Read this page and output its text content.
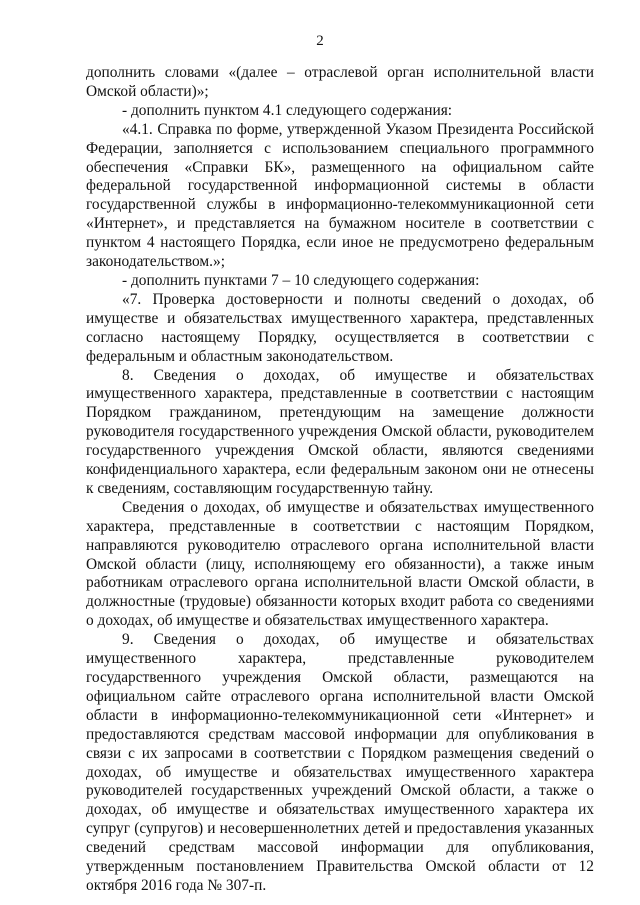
2

дополнить словами «(далее – отраслевой орган исполнительной власти Омской области)»;

- дополнить пунктом 4.1 следующего содержания:

«4.1. Справка по форме, утвержденной Указом Президента Российской Федерации, заполняется с использованием специального программного обеспечения «Справки БК», размещенного на официальном сайте федеральной государственной информационной системы в области государственной службы в информационно-телекоммуникационной сети «Интернет», и представляется на бумажном носителе в соответствии с пунктом 4 настоящего Порядка, если иное не предусмотрено федеральным законодательством.»;

- дополнить пунктами 7 – 10 следующего содержания:

«7. Проверка достоверности и полноты сведений о доходах, об имуществе и обязательствах имущественного характера, представленных согласно настоящему Порядку, осуществляется в соответствии с федеральным и областным законодательством.

8. Сведения о доходах, об имуществе и обязательствах имущественного характера, представленные в соответствии с настоящим Порядком гражданином, претендующим на замещение должности руководителя государственного учреждения Омской области, руководителем государственного учреждения Омской области, являются сведениями конфиденциального характера, если федеральным законом они не отнесены к сведениям, составляющим государственную тайну.

Сведения о доходах, об имуществе и обязательствах имущественного характера, представленные в соответствии с настоящим Порядком, направляются руководителю отраслевого органа исполнительной власти Омской области (лицу, исполняющему его обязанности), а также иным работникам отраслевого органа исполнительной власти Омской области, в должностные (трудовые) обязанности которых входит работа со сведениями о доходах, об имуществе и обязательствах имущественного характера.

9. Сведения о доходах, об имуществе и обязательствах имущественного характера, представленные руководителем государственного учреждения Омской области, размещаются на официальном сайте отраслевого органа исполнительной власти Омской области в информационно-телекоммуникационной сети «Интернет» и предоставляются средствам массовой информации для опубликования в связи с их запросами в соответствии с Порядком размещения сведений о доходах, об имуществе и обязательствах имущественного характера руководителей государственных учреждений Омской области, а также о доходах, об имуществе и обязательствах имущественного характера их супруг (супругов) и несовершеннолетних детей и предоставления указанных сведений средствам массовой информации для опубликования, утвержденным постановлением Правительства Омской области от 12 октября 2016 года № 307-п.
